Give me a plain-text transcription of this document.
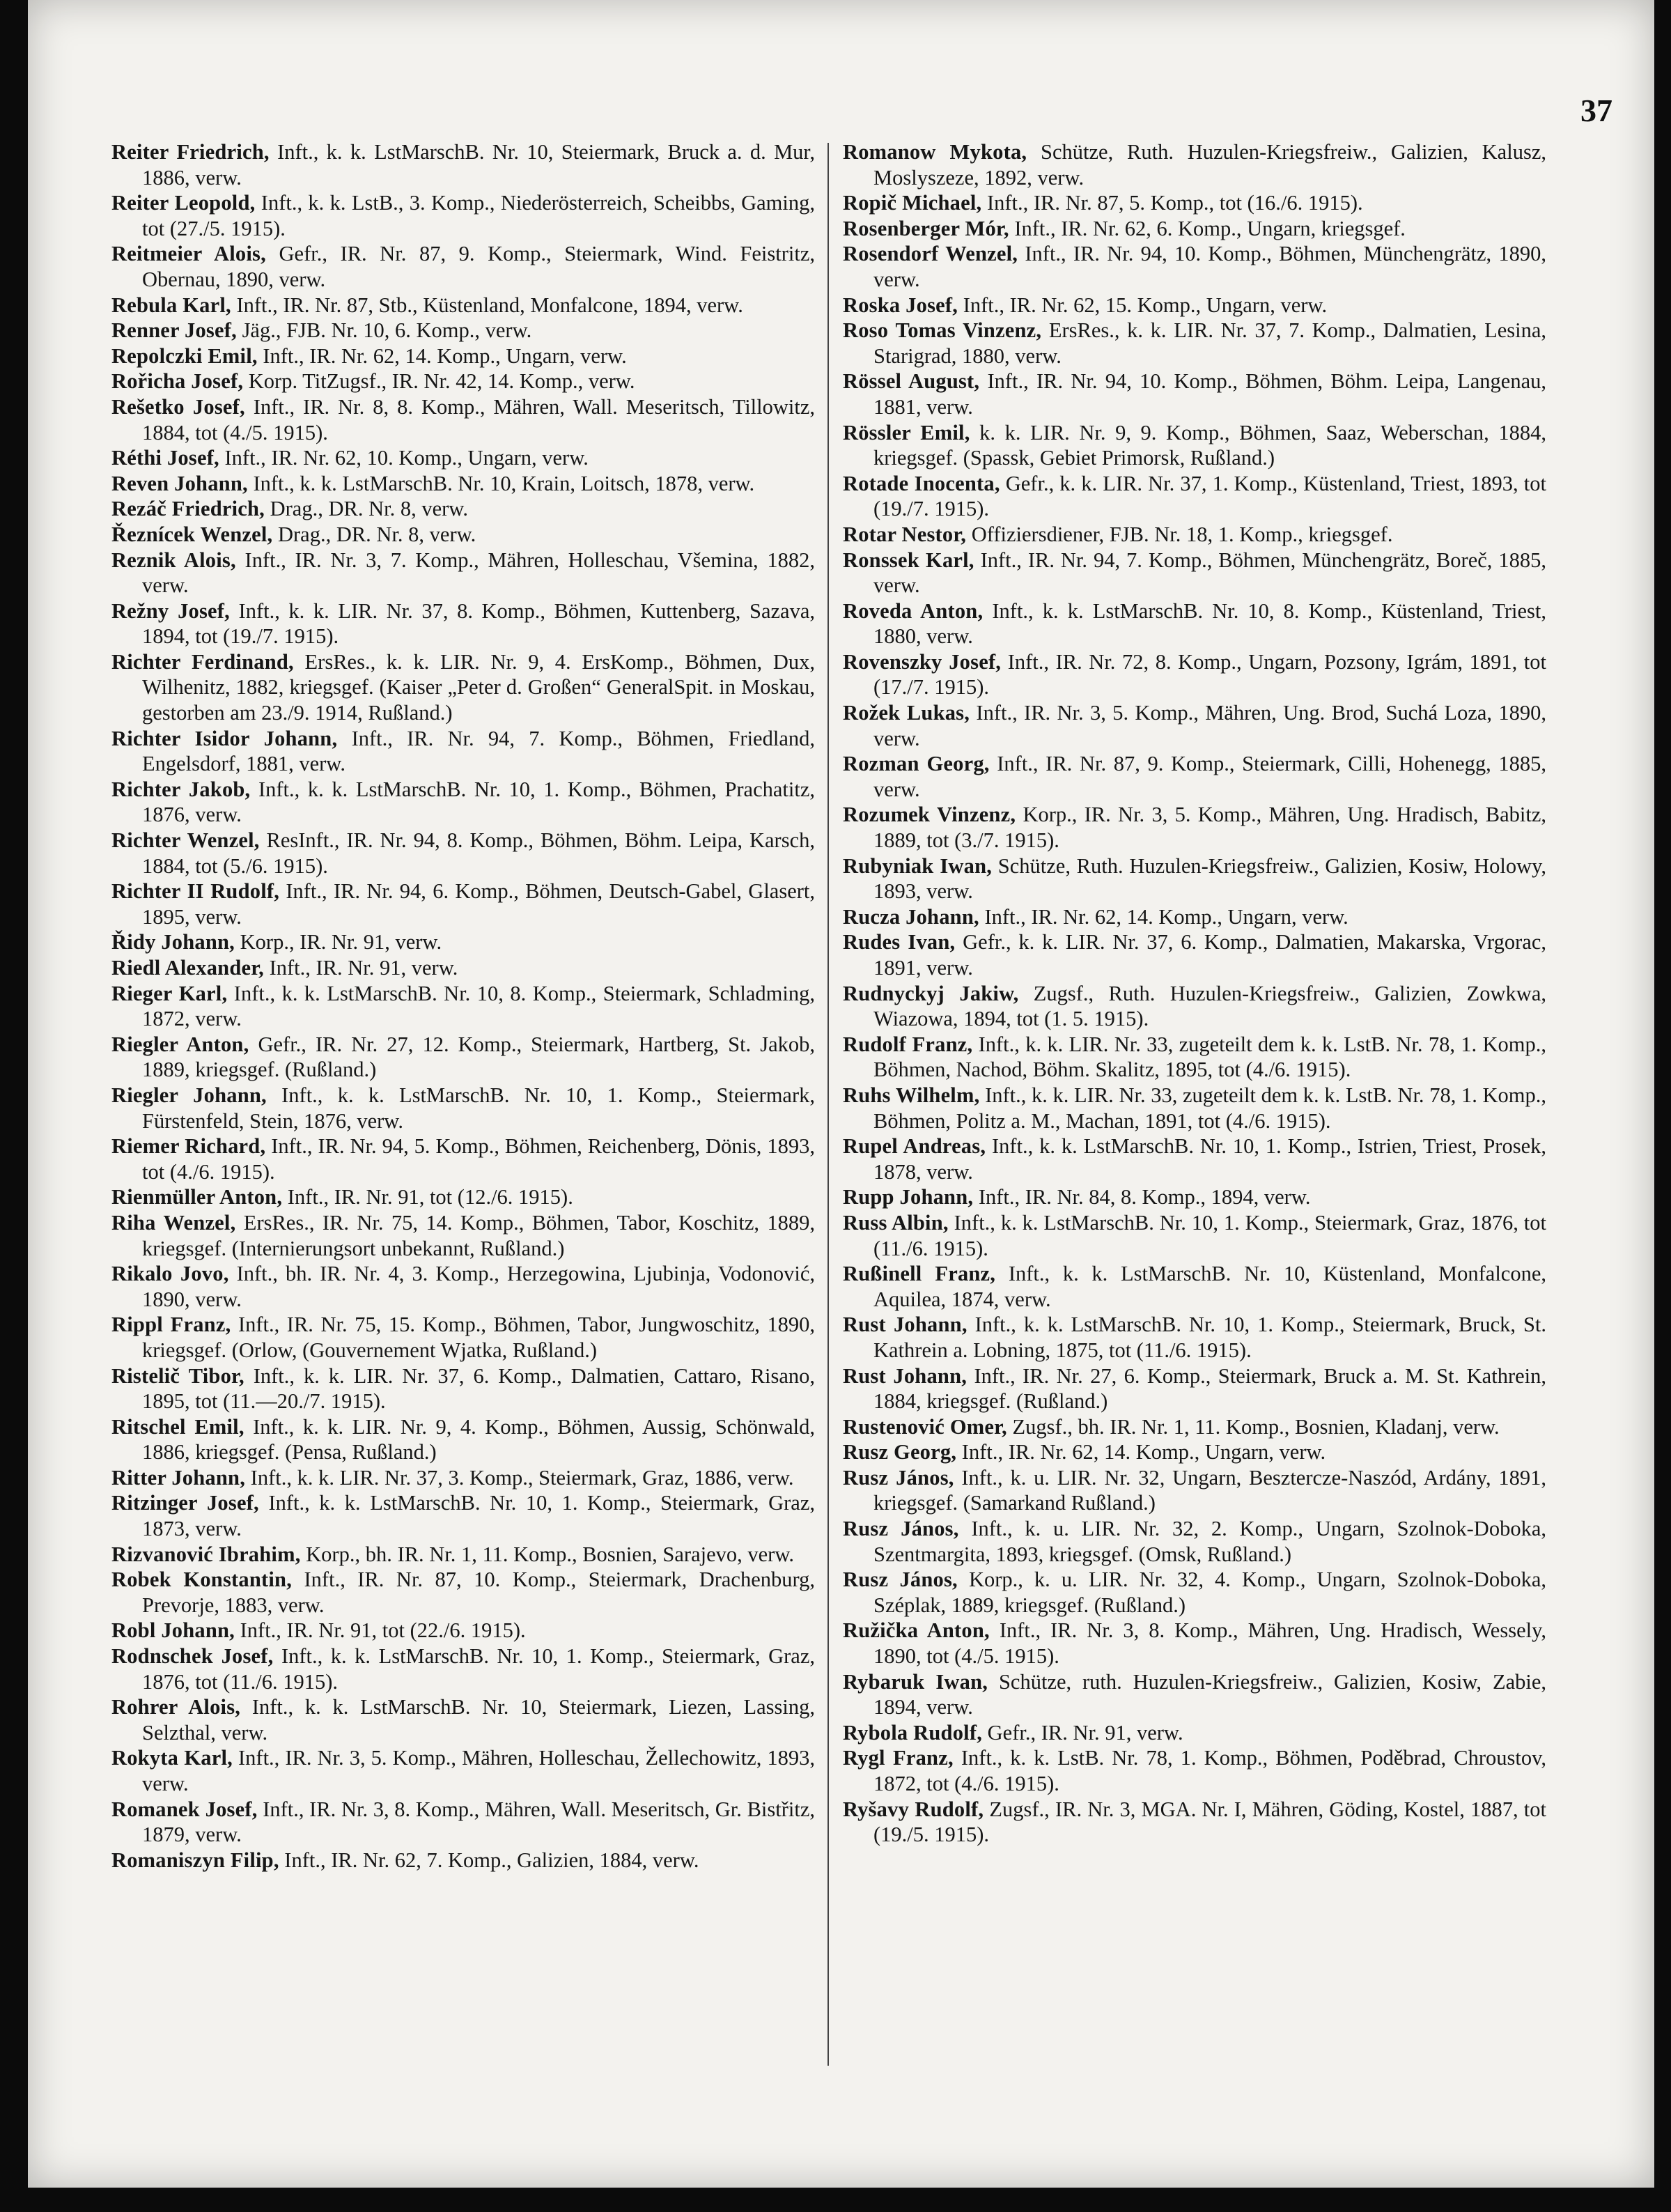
37

Reiter Friedrich, Inft., k. k. LstMarschB. Nr. 10, Steiermark, Bruck a. d. Mur, 1886, verw.

Reiter Leopold, Inft., k. k. LstB., 3. Komp., Niederösterreich, Scheibbs, Gaming, tot (27./5. 1915).

Reitmeier Alois, Gefr., IR. Nr. 87, 9. Komp., Steiermark, Wind. Feistritz, Obernau, 1890, verw.

Rebula Karl, Inft., IR. Nr. 87, Stb., Küstenland, Monfalcone, 1894, verw.

Renner Josef, Jäg., FJB. Nr. 10, 6. Komp., verw.

Repolczki Emil, Inft., IR. Nr. 62, 14. Komp., Ungarn, verw.

Rořicha Josef, Korp. TitZugsf., IR. Nr. 42, 14. Komp., verw.

Rešetko Josef, Inft., IR. Nr. 8, 8. Komp., Mähren, Wall. Meseritsch, Tillowitz, 1884, tot (4./5. 1915).

Réthi Josef, Inft., IR. Nr. 62, 10. Komp., Ungarn, verw.

Reven Johann, Inft., k. k. LstMarschB. Nr. 10, Krain, Loitsch, 1878, verw.

Rezáč Friedrich, Drag., DR. Nr. 8, verw.

Řeznícek Wenzel, Drag., DR. Nr. 8, verw.

Reznik Alois, Inft., IR. Nr. 3, 7. Komp., Mähren, Holleschau, Všemina, 1882, verw.

Režny Josef, Inft., k. k. LIR. Nr. 37, 8. Komp., Böhmen, Kuttenberg, Sazava, 1894, tot (19./7. 1915).

Richter Ferdinand, ErsRes., k. k. LIR. Nr. 9, 4. ErsKomp., Böhmen, Dux, Wilhenitz, 1882, kriegsgef. (Kaiser „Peter d. Großen“ GeneralSpit. in Moskau, gestorben am 23./9. 1914, Rußland.)

Richter Isidor Johann, Inft., IR. Nr. 94, 7. Komp., Böhmen, Friedland, Engelsdorf, 1881, verw.

Richter Jakob, Inft., k. k. LstMarschB. Nr. 10, 1. Komp., Böhmen, Prachatitz, 1876, verw.

Richter Wenzel, ResInft., IR. Nr. 94, 8. Komp., Böhmen, Böhm. Leipa, Karsch, 1884, tot (5./6. 1915).

Richter II Rudolf, Inft., IR. Nr. 94, 6. Komp., Böhmen, Deutsch-Gabel, Glasert, 1895, verw.

Řidy Johann, Korp., IR. Nr. 91, verw.

Riedl Alexander, Inft., IR. Nr. 91, verw.

Rieger Karl, Inft., k. k. LstMarschB. Nr. 10, 8. Komp., Steiermark, Schladming, 1872, verw.

Riegler Anton, Gefr., IR. Nr. 27, 12. Komp., Steiermark, Hartberg, St. Jakob, 1889, kriegsgef. (Rußland.)

Riegler Johann, Inft., k. k. LstMarschB. Nr. 10, 1. Komp., Steiermark, Fürstenfeld, Stein, 1876, verw.

Riemer Richard, Inft., IR. Nr. 94, 5. Komp., Böhmen, Reichenberg, Dönis, 1893, tot (4./6. 1915).

Rienmüller Anton, Inft., IR. Nr. 91, tot (12./6. 1915).

Riha Wenzel, ErsRes., IR. Nr. 75, 14. Komp., Böhmen, Tabor, Koschitz, 1889, kriegsgef. (Internierungsort unbekannt, Rußland.)

Rikalo Jovo, Inft., bh. IR. Nr. 4, 3. Komp., Herzegowina, Ljubinja, Vodonović, 1890, verw.

Rippl Franz, Inft., IR. Nr. 75, 15. Komp., Böhmen, Tabor, Jungwoschitz, 1890, kriegsgef. (Orlow, (Gouvernement Wjatka, Rußland.)

Ristelič Tibor, Inft., k. k. LIR. Nr. 37, 6. Komp., Dalmatien, Cattaro, Risano, 1895, tot (11.—20./7. 1915).

Ritschel Emil, Inft., k. k. LIR. Nr. 9, 4. Komp., Böhmen, Aussig, Schönwald, 1886, kriegsgef. (Pensa, Rußland.)

Ritter Johann, Inft., k. k. LIR. Nr. 37, 3. Komp., Steiermark, Graz, 1886, verw.

Ritzinger Josef, Inft., k. k. LstMarschB. Nr. 10, 1. Komp., Steiermark, Graz, 1873, verw.

Rizvanović Ibrahim, Korp., bh. IR. Nr. 1, 11. Komp., Bosnien, Sarajevo, verw.

Robek Konstantin, Inft., IR. Nr. 87, 10. Komp., Steiermark, Drachenburg, Prevorje, 1883, verw.

Robl Johann, Inft., IR. Nr. 91, tot (22./6. 1915).

Rodnschek Josef, Inft., k. k. LstMarschB. Nr. 10, 1. Komp., Steiermark, Graz, 1876, tot (11./6. 1915).

Rohrer Alois, Inft., k. k. LstMarschB. Nr. 10, Steiermark, Liezen, Lassing, Selzthal, verw.

Rokyta Karl, Inft., IR. Nr. 3, 5. Komp., Mähren, Holleschau, Žellechowitz, 1893, verw.

Romanek Josef, Inft., IR. Nr. 3, 8. Komp., Mähren, Wall. Meseritsch, Gr. Bistřitz, 1879, verw.

Romaniszyn Filip, Inft., IR. Nr. 62, 7. Komp., Galizien, 1884, verw.

Romanow Mykota, Schütze, Ruth. Huzulen-Kriegsfreiw., Galizien, Kalusz, Moslyszeze, 1892, verw.

Ropič Michael, Inft., IR. Nr. 87, 5. Komp., tot (16./6. 1915).

Rosenberger Mór, Inft., IR. Nr. 62, 6. Komp., Ungarn, kriegsgef.

Rosendorf Wenzel, Inft., IR. Nr. 94, 10. Komp., Böhmen, Münchengrätz, 1890, verw.

Roska Josef, Inft., IR. Nr. 62, 15. Komp., Ungarn, verw.

Roso Tomas Vinzenz, ErsRes., k. k. LIR. Nr. 37, 7. Komp., Dalmatien, Lesina, Starigrad, 1880, verw.

Rössel August, Inft., IR. Nr. 94, 10. Komp., Böhmen, Böhm. Leipa, Langenau, 1881, verw.

Rössler Emil, k. k. LIR. Nr. 9, 9. Komp., Böhmen, Saaz, Weberschan, 1884, kriegsgef. (Spassk, Gebiet Primorsk, Rußland.)

Rotade Inocenta, Gefr., k. k. LIR. Nr. 37, 1. Komp., Küstenland, Triest, 1893, tot (19./7. 1915).

Rotar Nestor, Offiziersdiener, FJB. Nr. 18, 1. Komp., kriegsgef.

Ronssek Karl, Inft., IR. Nr. 94, 7. Komp., Böhmen, Münchengrätz, Boreč, 1885, verw.

Roveda Anton, Inft., k. k. LstMarschB. Nr. 10, 8. Komp., Küstenland, Triest, 1880, verw.

Rovenszky Josef, Inft., IR. Nr. 72, 8. Komp., Ungarn, Pozsony, Igrám, 1891, tot (17./7. 1915).

Rožek Lukas, Inft., IR. Nr. 3, 5. Komp., Mähren, Ung. Brod, Suchá Loza, 1890, verw.

Rozman Georg, Inft., IR. Nr. 87, 9. Komp., Steiermark, Cilli, Hohenegg, 1885, verw.

Rozumek Vinzenz, Korp., IR. Nr. 3, 5. Komp., Mähren, Ung. Hradisch, Babitz, 1889, tot (3./7. 1915).

Rubyniak Iwan, Schütze, Ruth. Huzulen-Kriegsfreiw., Galizien, Kosiw, Holowy, 1893, verw.

Rucza Johann, Inft., IR. Nr. 62, 14. Komp., Ungarn, verw.

Rudes Ivan, Gefr., k. k. LIR. Nr. 37, 6. Komp., Dalmatien, Makarska, Vrgorac, 1891, verw.

Rudnyckyj Jakiw, Zugsf., Ruth. Huzulen-Kriegsfreiw., Galizien, Zowkwa, Wiazowa, 1894, tot (1. 5. 1915).

Rudolf Franz, Inft., k. k. LIR. Nr. 33, zugeteilt dem k. k. LstB. Nr. 78, 1. Komp., Böhmen, Nachod, Böhm. Skalitz, 1895, tot (4./6. 1915).

Ruhs Wilhelm, Inft., k. k. LIR. Nr. 33, zugeteilt dem k. k. LstB. Nr. 78, 1. Komp., Böhmen, Politz a. M., Machan, 1891, tot (4./6. 1915).

Rupel Andreas, Inft., k. k. LstMarschB. Nr. 10, 1. Komp., Istrien, Triest, Prosek, 1878, verw.

Rupp Johann, Inft., IR. Nr. 84, 8. Komp., 1894, verw.

Russ Albin, Inft., k. k. LstMarschB. Nr. 10, 1. Komp., Steiermark, Graz, 1876, tot (11./6. 1915).

Rußinell Franz, Inft., k. k. LstMarschB. Nr. 10, Küstenland, Monfalcone, Aquilea, 1874, verw.

Rust Johann, Inft., k. k. LstMarschB. Nr. 10, 1. Komp., Steiermark, Bruck, St. Kathrein a. Lobning, 1875, tot (11./6. 1915).

Rust Johann, Inft., IR. Nr. 27, 6. Komp., Steiermark, Bruck a. M. St. Kathrein, 1884, kriegsgef. (Rußland.)

Rustenović Omer, Zugsf., bh. IR. Nr. 1, 11. Komp., Bosnien, Kladanj, verw.

Rusz Georg, Inft., IR. Nr. 62, 14. Komp., Ungarn, verw.

Rusz János, Inft., k. u. LIR. Nr. 32, Ungarn, Besztercze-Naszód, Ardány, 1891, kriegsgef. (Samarkand Rußland.)

Rusz János, Inft., k. u. LIR. Nr. 32, 2. Komp., Ungarn, Szolnok-Doboka, Szentmargita, 1893, kriegsgef. (Omsk, Rußland.)

Rusz János, Korp., k. u. LIR. Nr. 32, 4. Komp., Ungarn, Szolnok-Doboka, Széplak, 1889, kriegsgef. (Rußland.)

Ružička Anton, Inft., IR. Nr. 3, 8. Komp., Mähren, Ung. Hradisch, Wessely, 1890, tot (4./5. 1915).

Rybaruk Iwan, Schütze, ruth. Huzulen-Kriegsfreiw., Galizien, Kosiw, Zabie, 1894, verw.

Rybola Rudolf, Gefr., IR. Nr. 91, verw.

Rygl Franz, Inft., k. k. LstB. Nr. 78, 1. Komp., Böhmen, Poděbrad, Chroustov, 1872, tot (4./6. 1915).

Ryšavy Rudolf, Zugsf., IR. Nr. 3, MGA. Nr. I, Mähren, Göding, Kostel, 1887, tot (19./5. 1915).
